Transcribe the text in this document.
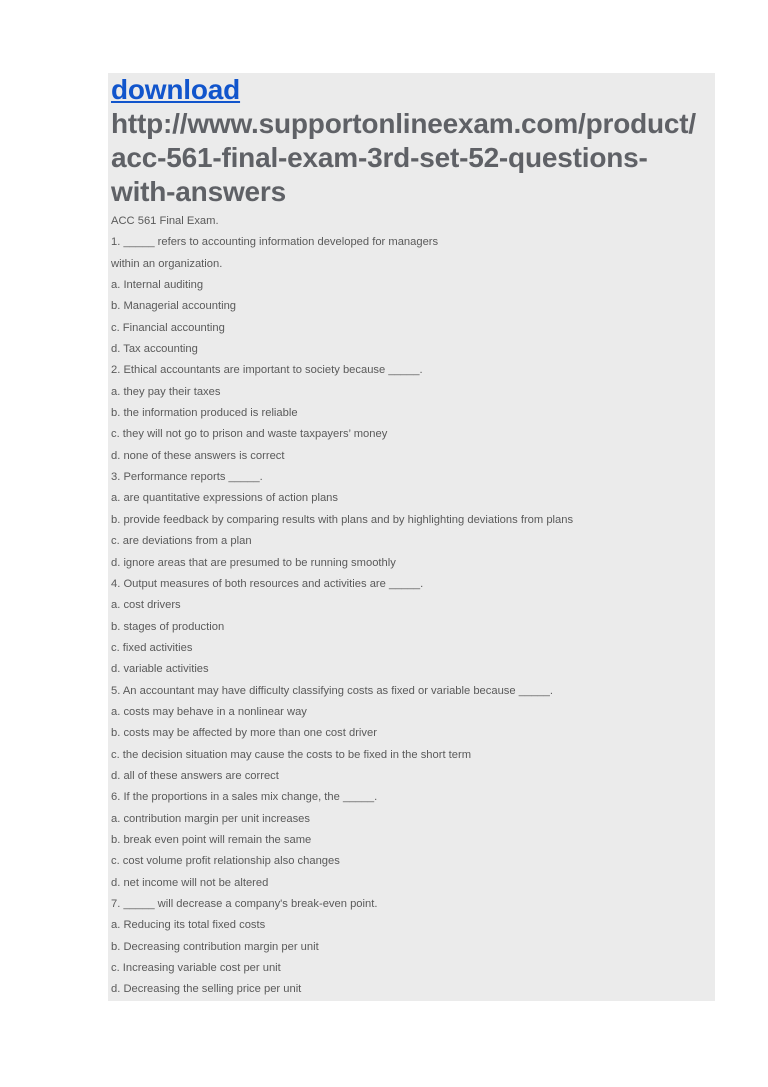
download
http://www.supportonlineexam.com/product/
acc-561-final-exam-3rd-set-52-questions-
with-answers
ACC 561 Final Exam.
1. _____ refers to accounting information developed for managers
within an organization.
a. Internal auditing
b. Managerial accounting
c. Financial accounting
d. Tax accounting
2. Ethical accountants are important to society because _____.
a. they pay their taxes
b. the information produced is reliable
c. they will not go to prison and waste taxpayers’ money
d. none of these answers is correct
3. Performance reports _____.
a. are quantitative expressions of action plans
b. provide feedback by comparing results with plans and by highlighting deviations from plans
c. are deviations from a plan
d. ignore areas that are presumed to be running smoothly
4. Output measures of both resources and activities are _____.
a. cost drivers
b. stages of production
c. fixed activities
d. variable activities
5. An accountant may have difficulty classifying costs as fixed or variable because _____.
a. costs may behave in a nonlinear way
b. costs may be affected by more than one cost driver
c. the decision situation may cause the costs to be fixed in the short term
d. all of these answers are correct
6. If the proportions in a sales mix change, the _____.
a. contribution margin per unit increases
b. break even point will remain the same
c. cost volume profit relationship also changes
d. net income will not be altered
7. _____ will decrease a company's break-even point.
a. Reducing its total fixed costs
b. Decreasing contribution margin per unit
c. Increasing variable cost per unit
d. Decreasing the selling price per unit
